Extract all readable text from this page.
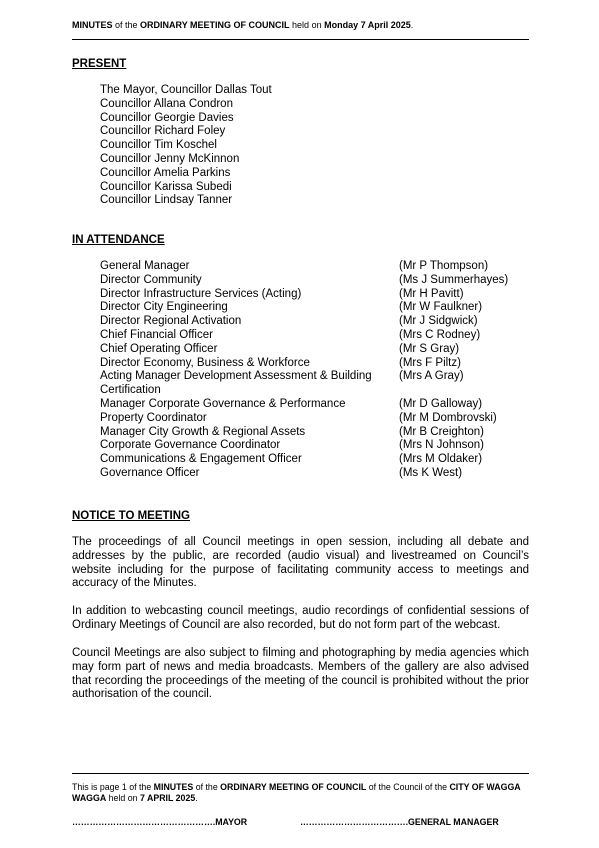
MINUTES of the ORDINARY MEETING OF COUNCIL held on Monday 7 April 2025.
PRESENT
The Mayor, Councillor Dallas Tout
Councillor Allana Condron
Councillor Georgie Davies
Councillor Richard Foley
Councillor Tim Koschel
Councillor Jenny McKinnon
Councillor Amelia Parkins
Councillor Karissa Subedi
Councillor Lindsay Tanner
IN ATTENDANCE
General Manager	(Mr P Thompson)
Director Community	(Ms J Summerhayes)
Director Infrastructure Services (Acting)	(Mr H Pavitt)
Director City Engineering	(Mr W Faulkner)
Director Regional Activation	(Mr J Sidgwick)
Chief Financial Officer	(Mrs C Rodney)
Chief Operating Officer	(Mr S Gray)
Director Economy, Business & Workforce	(Mrs F Piltz)
Acting Manager Development Assessment & Building Certification
(Mrs A Gray)
Manager Corporate Governance & Performance	(Mr D Galloway)
Property Coordinator	(Mr M Dombrovski)
Manager City Growth & Regional Assets	(Mr B Creighton)
Corporate Governance Coordinator	(Mrs N Johnson)
Communications & Engagement Officer	(Mrs M Oldaker)
Governance Officer	(Ms K West)
NOTICE TO MEETING
The proceedings of all Council meetings in open session, including all debate and addresses by the public, are recorded (audio visual) and livestreamed on Council’s website including for the purpose of facilitating community access to meetings and accuracy of the Minutes.
In addition to webcasting council meetings, audio recordings of confidential sessions of Ordinary Meetings of Council are also recorded, but do not form part of the webcast.
Council Meetings are also subject to filming and photographing by media agencies which may form part of news and media broadcasts. Members of the gallery are also advised that recording the proceedings of the meeting of the council is prohibited without the prior authorisation of the council.
This is page 1 of the MINUTES of the ORDINARY MEETING OF COUNCIL of the Council of the CITY OF WAGGA WAGGA held on 7 APRIL 2025.
………………………………………….MAYOR	……………………………….GENERAL MANAGER
